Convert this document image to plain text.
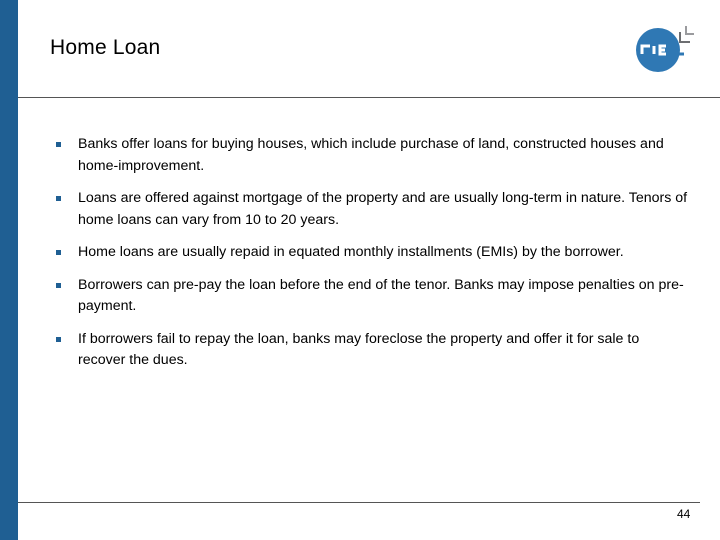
Home Loan
Banks offer loans for buying houses, which include purchase of land, constructed houses and home-improvement.
Loans are offered against mortgage of the property and are usually long-term in nature. Tenors of home loans can vary from 10 to 20 years.
Home loans are usually repaid in equated monthly installments (EMIs) by the borrower.
Borrowers can pre-pay the loan before the end of the tenor. Banks may impose penalties on pre-payment.
If borrowers fail to repay the loan, banks may foreclose the property and offer it for sale to recover the dues.
44
